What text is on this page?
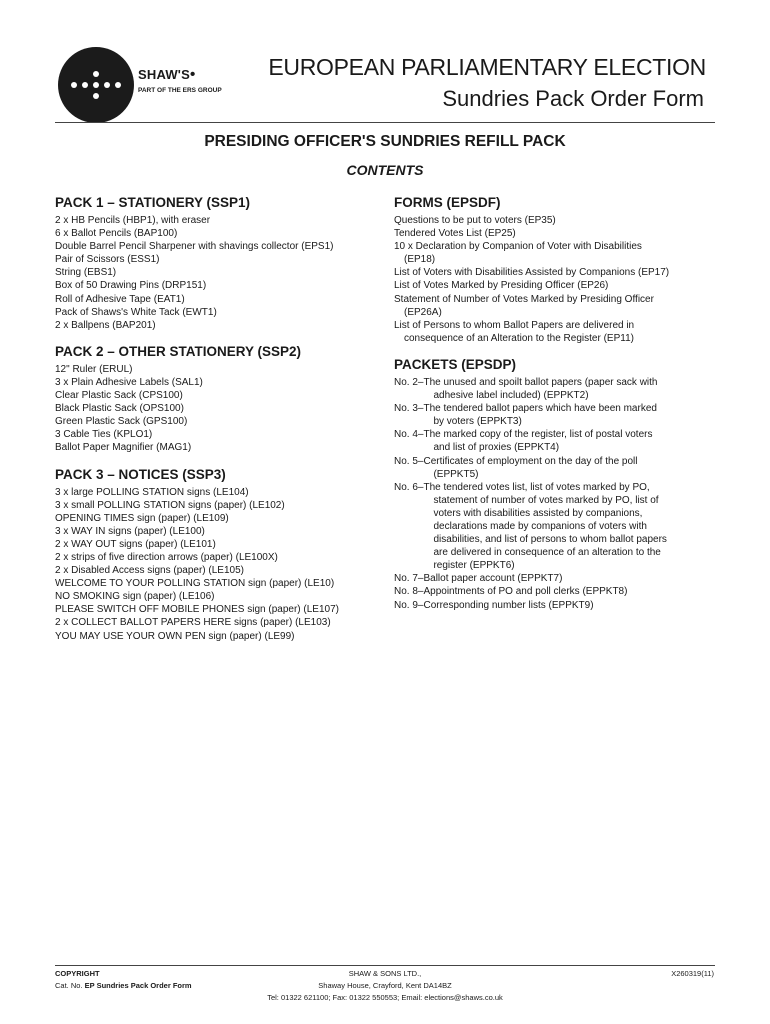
SHAW'S•
PART OF THE ERS GROUP
EUROPEAN PARLIAMENTARY ELECTION
Sundries Pack Order Form
PRESIDING OFFICER'S SUNDRIES REFILL PACK
CONTENTS
PACK 1 – STATIONERY (SSP1)
2 x HB Pencils (HBP1), with eraser
6 x Ballot Pencils (BAP100)
Double Barrel Pencil Sharpener with shavings collector (EPS1)
Pair of Scissors (ESS1)
String (EBS1)
Box of 50 Drawing Pins (DRP151)
Roll of Adhesive Tape (EAT1)
Pack of Shaws's White Tack (EWT1)
2 x Ballpens (BAP201)
PACK 2 – OTHER STATIONERY (SSP2)
12" Ruler (ERUL)
3 x Plain Adhesive Labels (SAL1)
Clear Plastic Sack (CPS100)
Black Plastic Sack (OPS100)
Green Plastic Sack (GPS100)
3 Cable Ties (KPLO1)
Ballot Paper Magnifier (MAG1)
PACK 3 – NOTICES (SSP3)
3 x large POLLING STATION signs (LE104)
3 x small POLLING STATION signs (paper) (LE102)
OPENING TIMES sign (paper) (LE109)
3 x WAY IN signs (paper) (LE100)
2 x WAY OUT signs (paper) (LE101)
2 x strips of five direction arrows (paper) (LE100X)
2 x Disabled Access signs (paper) (LE105)
WELCOME TO YOUR POLLING STATION sign (paper) (LE10)
NO SMOKING sign (paper) (LE106)
PLEASE SWITCH OFF MOBILE PHONES sign (paper) (LE107)
2 x COLLECT BALLOT PAPERS HERE signs (paper) (LE103)
YOU MAY USE YOUR OWN PEN sign (paper) (LE99)
FORMS (EPSDF)
Questions to be put to voters (EP35)
Tendered Votes List (EP25)
10 x Declaration by Companion of Voter with Disabilities
(EP18)
List of Voters with Disabilities Assisted by Companions (EP17)
List of Votes Marked by Presiding Officer (EP26)
Statement of Number of Votes Marked by Presiding Officer
(EP26A)
List of Persons to whom Ballot Papers are delivered in
consequence of an Alteration to the Register (EP11)
PACKETS (EPSDP)
No. 2– The unused and spoilt ballot papers (paper sack with
adhesive label included) (EPPKT2)
No. 3– The tendered ballot papers which have been marked
by voters (EPPKT3)
No. 4– The marked copy of the register, list of postal voters
and list of proxies (EPPKT4)
No. 5– Certificates of employment on the day of the poll
(EPPKT5)
No. 6– The tendered votes list, list of votes marked by PO,
statement of number of votes marked by PO, list of
voters with disabilities assisted by companions,
declarations made by companions of voters with
disabilities, and list of persons to whom ballot papers
are delivered in consequence of an alteration to the
register (EPPKT6)
No. 7– Ballot paper account (EPPKT7)
No. 8– Appointments of PO and poll clerks (EPPKT8)
No. 9– Corresponding number lists (EPPKT9)
COPYRIGHT
Cat. No. EP Sundries Pack Order Form
SHAW & SONS LTD.,
Shaway House, Crayford, Kent DA14BZ
Tel: 01322 621100; Fax: 01322 550553; Email: elections@shaws.co.uk
X260319(11)
